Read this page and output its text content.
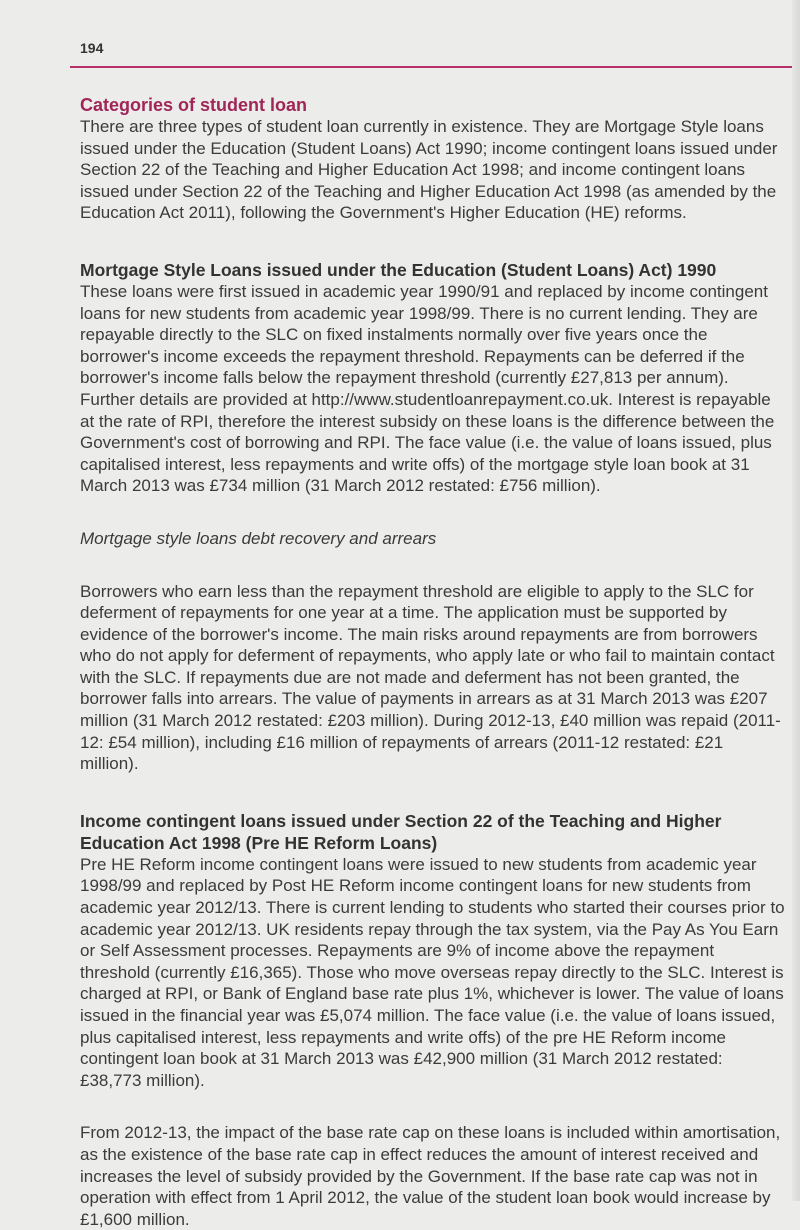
194
Categories of student loan

There are three types of student loan currently in existence. They are Mortgage Style loans issued under the Education (Student Loans) Act 1990; income contingent loans issued under Section 22 of the Teaching and Higher Education Act 1998; and income contingent loans issued under Section 22 of the Teaching and Higher Education Act 1998 (as amended by the Education Act 2011), following the Government's Higher Education (HE) reforms.

Mortgage Style Loans issued under the Education (Student Loans) Act) 1990

These loans were first issued in academic year 1990/91 and replaced by income contingent loans for new students from academic year 1998/99. There is no current lending. They are repayable directly to the SLC on fixed instalments normally over five years once the borrower's income exceeds the repayment threshold. Repayments can be deferred if the borrower's income falls below the repayment threshold (currently £27,813 per annum). Further details are provided at http://www.studentloanrepayment.co.uk. Interest is repayable at the rate of RPI, therefore the interest subsidy on these loans is the difference between the Government's cost of borrowing and RPI. The face value (i.e. the value of loans issued, plus capitalised interest, less repayments and write offs) of the mortgage style loan book at 31 March 2013 was £734 million (31 March 2012 restated: £756 million).

Mortgage style loans debt recovery and arrears

Borrowers who earn less than the repayment threshold are eligible to apply to the SLC for deferment of repayments for one year at a time. The application must be supported by evidence of the borrower's income. The main risks around repayments are from borrowers who do not apply for deferment of repayments, who apply late or who fail to maintain contact with the SLC. If repayments due are not made and deferment has not been granted, the borrower falls into arrears. The value of payments in arrears as at 31 March 2013 was £207 million (31 March 2012 restated: £203 million). During 2012-13, £40 million was repaid (2011-12: £54 million), including £16 million of repayments of arrears (2011-12 restated: £21 million).

Income contingent loans issued under Section 22 of the Teaching and Higher Education Act 1998 (Pre HE Reform Loans)

Pre HE Reform income contingent loans were issued to new students from academic year 1998/99 and replaced by Post HE Reform income contingent loans for new students from academic year 2012/13. There is current lending to students who started their courses prior to academic year 2012/13. UK residents repay through the tax system, via the Pay As You Earn or Self Assessment processes. Repayments are 9% of income above the repayment threshold (currently £16,365). Those who move overseas repay directly to the SLC. Interest is charged at RPI, or Bank of England base rate plus 1%, whichever is lower. The value of loans issued in the financial year was £5,074 million. The face value (i.e. the value of loans issued, plus capitalised interest, less repayments and write offs) of the pre HE Reform income contingent loan book at 31 March 2013 was £42,900 million (31 March 2012 restated: £38,773 million).

From 2012-13, the impact of the base rate cap on these loans is included within amortisation, as the existence of the base rate cap in effect reduces the amount of interest received and increases the level of subsidy provided by the Government. If the base rate cap was not in operation with effect from 1 April 2012, the value of the student loan book would increase by £1,600 million.
